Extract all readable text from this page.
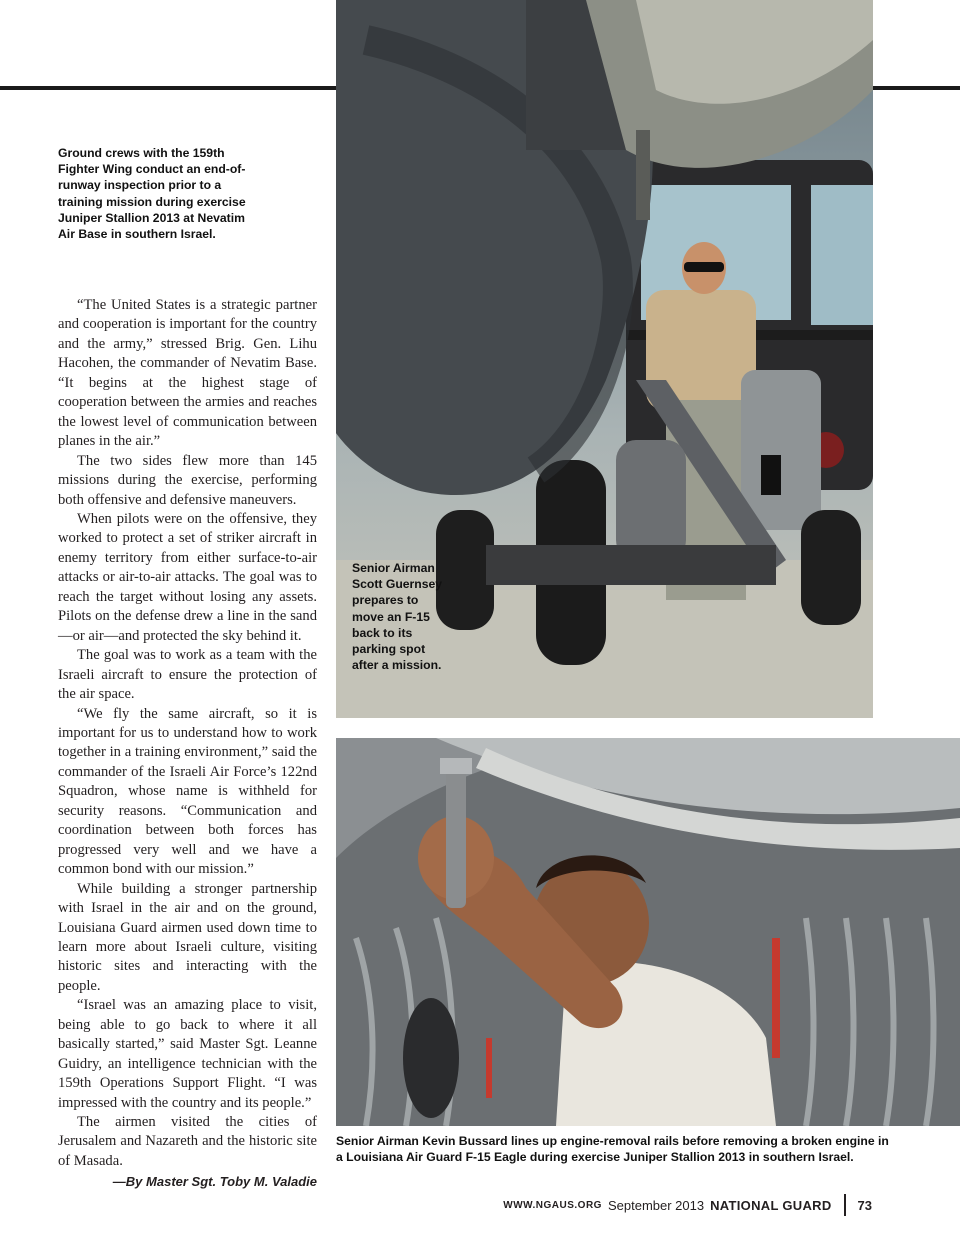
Ground crews with the 159th Fighter Wing conduct an end-of-runway inspection prior to a training mission during exercise Juniper Stallion 2013 at Nevatim Air Base in southern Israel.

“The United States is a strategic partner and cooperation is important for the country and the army,” stressed Brig. Gen. Lihu Hacohen, the commander of Nevatim Base. “It begins at the highest stage of cooperation between the armies and reaches the lowest level of communication between planes in the air.”

The two sides flew more than 145 missions during the exercise, performing both offensive and defensive maneuvers.

When pilots were on the offensive, they worked to protect a set of striker aircraft in enemy territory from either surface-to-air attacks or air-to-air attacks. The goal was to reach the target without losing any assets. Pilots on the defense drew a line in the sand—or air—and protected the sky behind it.

The goal was to work as a team with the Israeli aircraft to ensure the protection of the air space.

“We fly the same aircraft, so it is important for us to understand how to work together in a training environment,” said the commander of the Israeli Air Force’s 122nd Squadron, whose name is withheld for security reasons. “Communication and coordination between both forces has progressed very well and we have a common bond with our mission.”

While building a stronger partnership with Israel in the air and on the ground, Louisiana Guard airmen used down time to learn more about Israeli culture, visiting historic sites and interacting with the people.

“Israel was an amazing place to visit, being able to go back to where it all basically started,” said Master Sgt. Leanne Guidry, an intelligence technician with the 159th Operations Support Flight. “I was impressed with the country and its people.”

The airmen visited the cities of Jerusalem and Nazareth and the historic site of Masada.

—By Master Sgt. Toby M. Valadie

Senior Airman Scott Guernsey prepares to move an F-15 back to its parking spot after a mission.
Senior Airman Kevin Bussard lines up engine-removal rails before removing a broken engine in a Louisiana Air Guard F-15 Eagle during exercise Juniper Stallion 2013 in southern Israel.
WWW.NGAUS.ORG September 2013 NATIONAL GUARD 73
